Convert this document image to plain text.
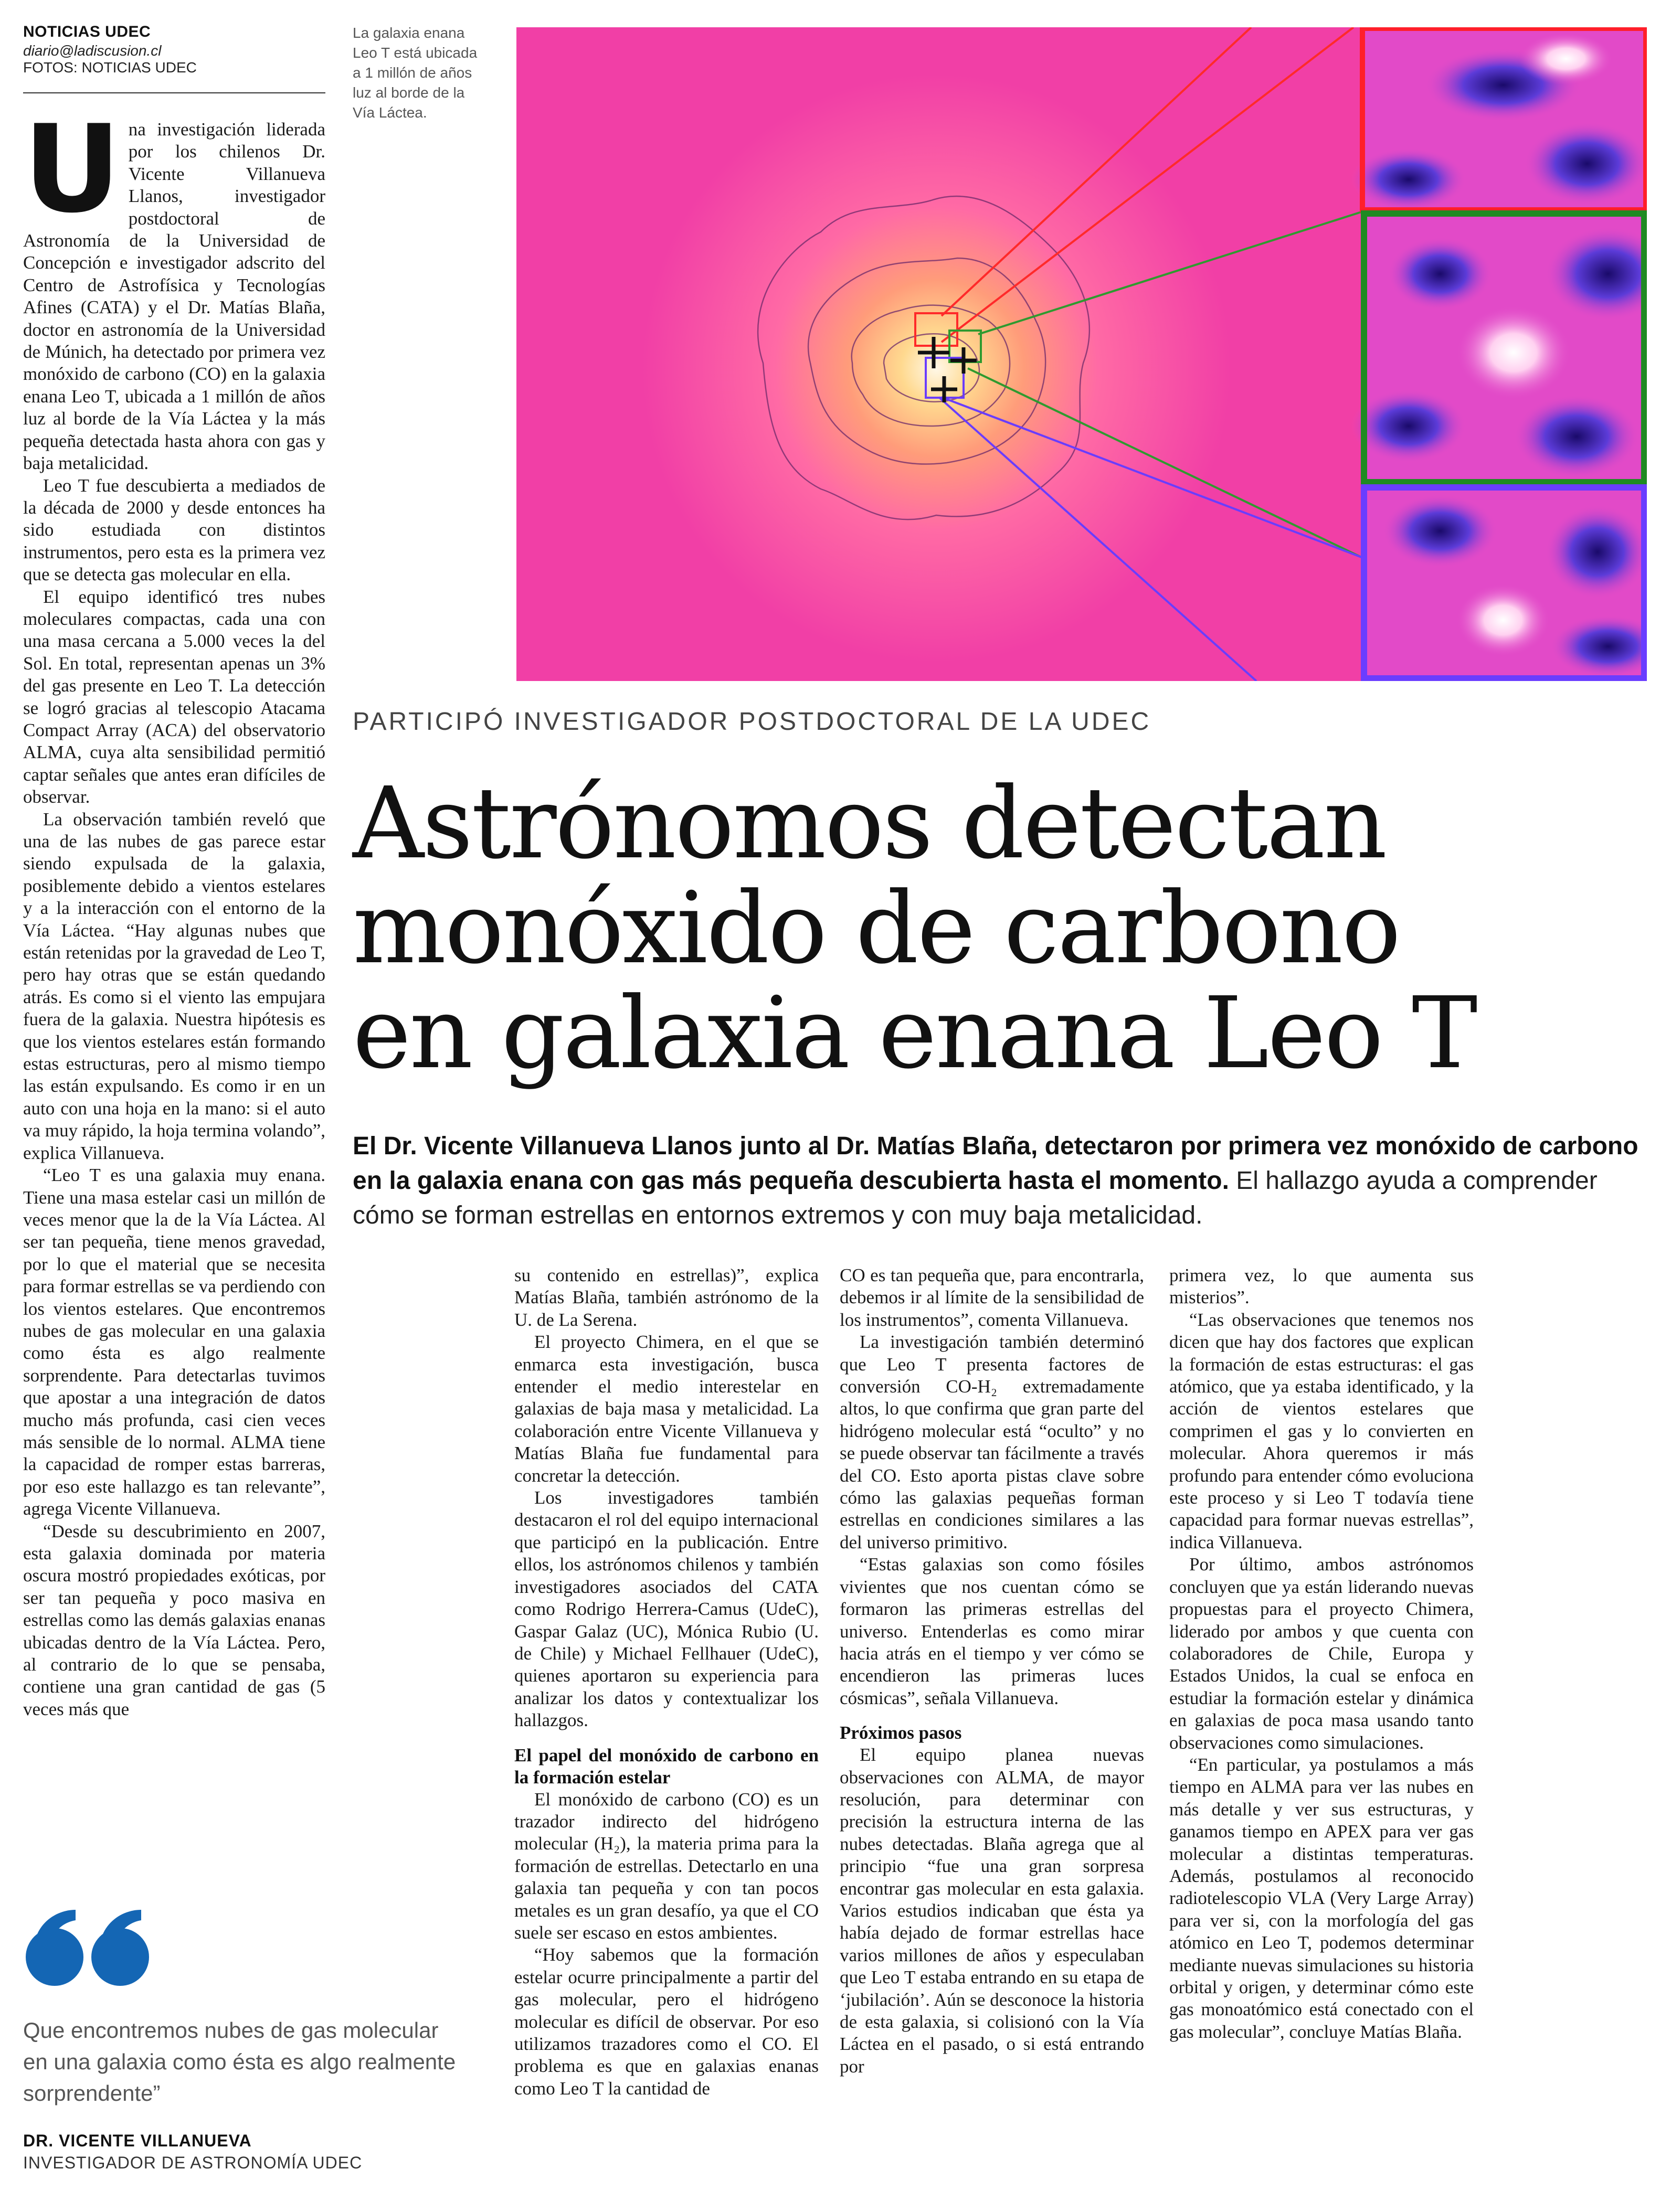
NOTICIAS UDEC
diario@ladiscusion.cl
FOTOS: NOTICIAS UDEC
La galaxia enana Leo T está ubicada a 1 millón de años luz al borde de la Vía Láctea.
PARTICIPÓ INVESTIGADOR POSTDOCTORAL DE LA UDEC
Astrónomos detectan
monóxido de carbono
en galaxia enana Leo T
El Dr. Vicente Villanueva Llanos junto al Dr. Matías Blaña, detectaron por primera vez monóxido de carbono en la galaxia enana con gas más pequeña descubierta hasta el momento. El hallazgo ayuda a comprender cómo se forman estrellas en entornos extremos y con muy baja metalicidad.
U na investigación liderada por los chilenos Dr. Vicente Villanueva Llanos, investigador postdoctoral de Astronomía de la Universidad de Concepción e investigador adscrito del Centro de Astrofísica y Tecnologías Afines (CATA) y el Dr. Matías Blaña, doctor en astronomía de la Universidad de Múnich, ha detectado por primera vez monóxido de carbono (CO) en la galaxia enana Leo T, ubicada a 1 millón de años luz al borde de la Vía Láctea y la más pequeña detectada hasta ahora con gas y baja metalicidad.

Leo T fue descubierta a mediados de la década de 2000 y desde entonces ha sido estudiada con distintos instrumentos, pero esta es la primera vez que se detecta gas molecular en ella.

El equipo identificó tres nubes moleculares compactas, cada una con una masa cercana a 5.000 veces la del Sol. En total, representan apenas un 3% del gas presente en Leo T. La detección se logró gracias al telescopio Atacama Compact Array (ACA) del observatorio ALMA, cuya alta sensibilidad permitió captar señales que antes eran difíciles de observar.

La observación también reveló que una de las nubes de gas parece estar siendo expulsada de la galaxia, posiblemente debido a vientos estelares y a la interacción con el entorno de la Vía Láctea. “Hay algunas nubes que están retenidas por la gravedad de Leo T, pero hay otras que se están quedando atrás. Es como si el viento las empujara fuera de la galaxia. Nuestra hipótesis es que los vientos estelares están formando estas estructuras, pero al mismo tiempo las están expulsando. Es como ir en un auto con una hoja en la mano: si el auto va muy rápido, la hoja termina volando”, explica Villanueva.

“Leo T es una galaxia muy enana. Tiene una masa estelar casi un millón de veces menor que la de la Vía Láctea. Al ser tan pequeña, tiene menos gravedad, por lo que el material que se necesita para formar estrellas se va perdiendo con los vientos estelares. Que encontremos nubes de gas molecular en una galaxia como ésta es algo realmente sorprendente. Para detectarlas tuvimos que apostar a una integración de datos mucho más profunda, casi cien veces más sensible de lo normal. ALMA tiene la capacidad de romper estas barreras, por eso este hallazgo es tan relevante”, agrega Vicente Villanueva.

“Desde su descubrimiento en 2007, esta galaxia dominada por materia oscura mostró propiedades exóticas, por ser tan pequeña y poco masiva en estrellas como las demás galaxias enanas ubicadas dentro de la Vía Láctea. Pero, al contrario de lo que se pensaba, contiene una gran cantidad de gas (5 veces más que

Que encontremos nubes de gas molecular en una galaxia como ésta es algo realmente sorprendente”
DR. VICENTE VILLANUEVA
INVESTIGADOR DE ASTRONOMÍA UDEC

su contenido en estrellas)”, explica Matías Blaña, también astrónomo de la U. de La Serena.

El proyecto Chimera, en el que se enmarca esta investigación, busca entender el medio interestelar en galaxias de baja masa y metalicidad. La colaboración entre Vicente Villanueva y Matías Blaña fue fundamental para concretar la detección.

Los investigadores también destacaron el rol del equipo internacional que participó en la publicación. Entre ellos, los astrónomos chilenos y también investigadores asociados del CATA como Rodrigo Herrera-Camus (UdeC), Gaspar Galaz (UC), Mónica Rubio (U. de Chile) y Michael Fellhauer (UdeC), quienes aportaron su experiencia para analizar los datos y contextualizar los hallazgos.

El papel del monóxido de carbono en la formación estelar

El monóxido de carbono (CO) es un trazador indirecto del hidrógeno molecular (H₂), la materia prima para la formación de estrellas. Detectarlo en una galaxia tan pequeña y con tan pocos metales es un gran desafío, ya que el CO suele ser escaso en estos ambientes.

“Hoy sabemos que la formación estelar ocurre principalmente a partir del gas molecular, pero el hidrógeno molecular es difícil de observar. Por eso utilizamos trazadores como el CO. El problema es que en galaxias enanas como Leo T la cantidad de

CO es tan pequeña que, para encontrarla, debemos ir al límite de la sensibilidad de los instrumentos”, comenta Villanueva.

La investigación también determinó que Leo T presenta factores de conversión CO-H₂ extremadamente altos, lo que confirma que gran parte del hidrógeno molecular está “oculto” y no se puede observar tan fácilmente a través del CO. Esto aporta pistas clave sobre cómo las galaxias pequeñas forman estrellas en condiciones similares a las del universo primitivo.

“Estas galaxias son como fósiles vivientes que nos cuentan cómo se formaron las primeras estrellas del universo. Entenderlas es como mirar hacia atrás en el tiempo y ver cómo se encendieron las primeras luces cósmicas”, señala Villanueva.

Próximos pasos

El equipo planea nuevas observaciones con ALMA, de mayor resolución, para determinar con precisión la estructura interna de las nubes detectadas. Blaña agrega que al principio “fue una gran sorpresa encontrar gas molecular en esta galaxia. Varios estudios indicaban que ésta ya había dejado de formar estrellas hace varios millones de años y especulaban que Leo T estaba entrando en su etapa de ‘jubilación’. Aún se desconoce la historia de esta galaxia, si colisionó con la Vía Láctea en el pasado, o si está entrando por

primera vez, lo que aumenta sus misterios”.

“Las observaciones que tenemos nos dicen que hay dos factores que explican la formación de estas estructuras: el gas atómico, que ya estaba identificado, y la acción de vientos estelares que comprimen el gas y lo convierten en molecular. Ahora queremos ir más profundo para entender cómo evoluciona este proceso y si Leo T todavía tiene capacidad para formar nuevas estrellas”, indica Villanueva.

Por último, ambos astrónomos concluyen que ya están liderando nuevas propuestas para el proyecto Chimera, liderado por ambos y que cuenta con colaboradores de Chile, Europa y Estados Unidos, la cual se enfoca en estudiar la formación estelar y dinámica en galaxias de poca masa usando tanto observaciones como simulaciones.

“En particular, ya postulamos a más tiempo en ALMA para ver las nubes en más detalle y ver sus estructuras, y ganamos tiempo en APEX para ver gas molecular a distintas temperaturas. Además, postulamos al reconocido radiotelescopio VLA (Very Large Array) para ver si, con la morfología del gas atómico en Leo T, podemos determinar mediante nuevas simulaciones su historia orbital y origen, y determinar cómo este gas monoatómico está conectado con el gas molecular”, concluye Matías Blaña.
